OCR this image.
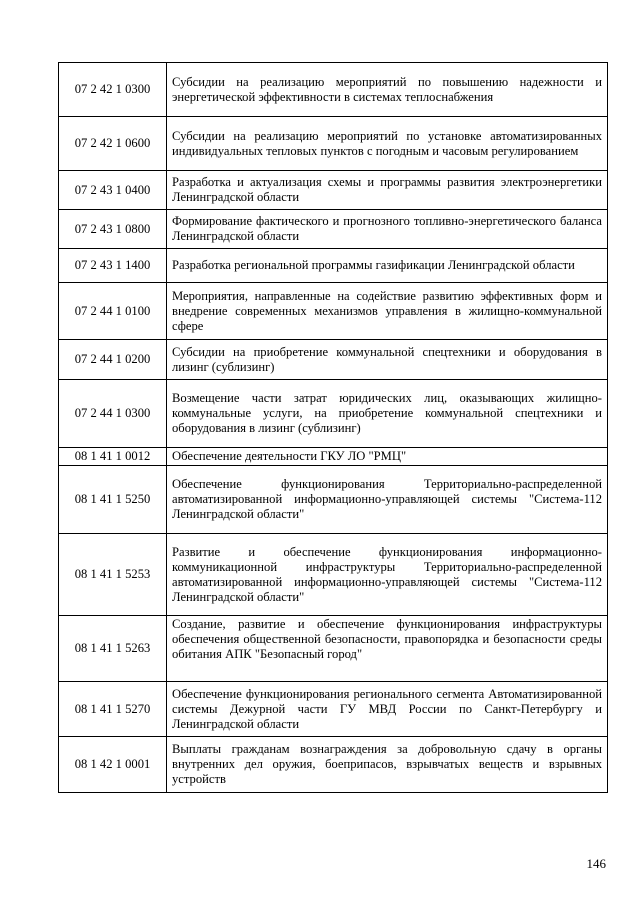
07 2 42 1 0300	Субсидии на реализацию мероприятий по повышению надежности и энергетической эффективности в системах теплоснабжения
07 2 42 1 0600	Субсидии на реализацию мероприятий по установке автоматизированных индивидуальных тепловых пунктов с погодным и часовым регулированием
07 2 43 1 0400	Разработка и актуализация схемы и программы развития электроэнергетики Ленинградской области
07 2 43 1 0800	Формирование фактического и прогнозного топливно-энергетического баланса Ленинградской области
07 2 43 1 1400	Разработка региональной программы газификации Ленинградской области
07 2 44 1 0100	Мероприятия, направленные на содействие развитию эффективных форм и внедрение современных механизмов управления в жилищно-коммунальной сфере
07 2 44 1 0200	Субсидии на приобретение коммунальной спецтехники и оборудования в лизинг (сублизинг)
07 2 44 1 0300	Возмещение части затрат юридических лиц, оказывающих жилищно-коммунальные услуги, на приобретение коммунальной спецтехники и оборудования в лизинг (сублизинг)
08 1 41 1 0012	Обеспечение деятельности ГКУ ЛО "РМЦ"
08 1 41 1 5250	Обеспечение функционирования Территориально-распределенной автоматизированной информационно-управляющей системы "Система-112 Ленинградской области"
08 1 41 1 5253	Развитие и обеспечение функционирования информационно-коммуникационной инфраструктуры Территориально-распределенной автоматизированной информационно-управляющей системы "Система-112 Ленинградской области"
08 1 41 1 5263	Создание, развитие и обеспечение функционирования инфраструктуры обеспечения общественной безопасности, правопорядка и безопасности среды обитания АПК "Безопасный город"
08 1 41 1 5270	Обеспечение функционирования регионального сегмента Автоматизированной системы Дежурной части ГУ МВД России по Санкт-Петербургу и Ленинградской области
08 1 42 1 0001	Выплаты гражданам вознаграждения за добровольную сдачу в органы внутренних дел оружия, боеприпасов, взрывчатых веществ и взрывных устройств
146
